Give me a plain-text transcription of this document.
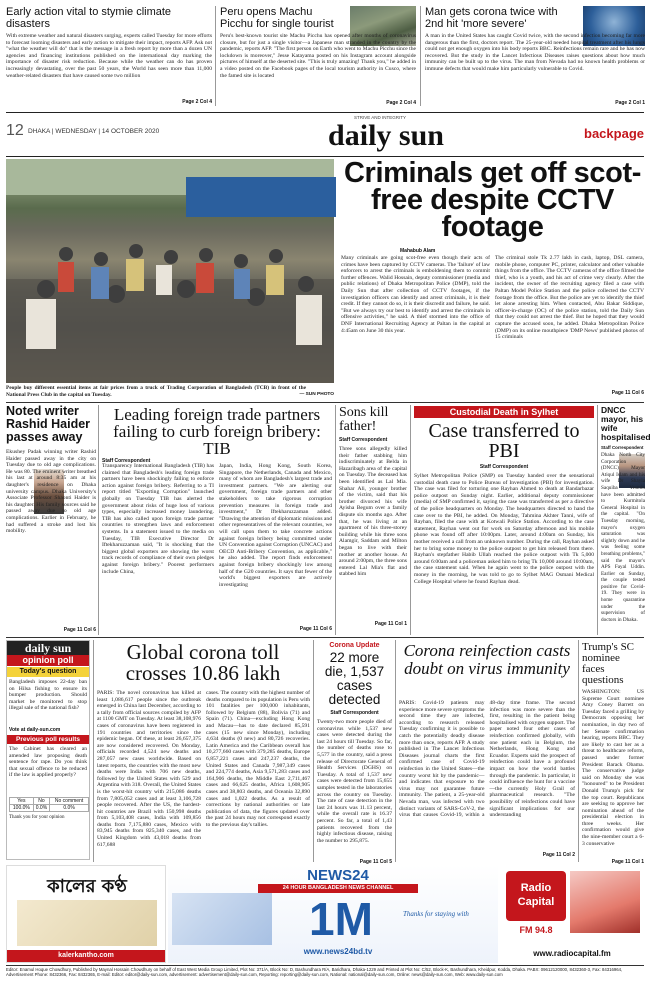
Early action vital to stymie climate disasters
With extreme weather and natural disasters surging, experts called Tuesday for more efforts to forecast looming disasters and early action to mitigate their impact, reports AFP. Ask not "what the weather will do" that is the message in a fresh report by more than a dozen UN agencies and financing institutions published on the international day marking the importance of disaster risk reduction. Because while the weather can do has proven increasingly devastating, over the past 50 years, the World has seen more than 11,000 weather-related disasters that have caused some two million
Page 2 Col 4
Peru opens Machu Picchu for single tourist
Peru's best-known tourist site Machu Picchu has opened after months of coronavirus closure, but for just a single visitor—a Japanese man stranded in the country by the pandemic, reports AFP. "The first person on Earth who went to Machu Picchu since the lockdown is moreover," Jesse Katayama posted on his Instagram account alongside pictures of himself at the deserted site. "This is truly amazing! Thank you," he added in a video posted on the Facebook pages of the local tourism authority in Cusco, where the famed site is located
Page 2 Col 4
Man gets corona twice with 2nd hit 'more severe'
A man in the United States has caught Covid twice, with the second infection becoming far more dangerous than the first, doctors report. The 25-year-old needed hospital treatment after his lungs could not get enough oxygen into his body reports BBC. Reinfections remain rare and he has now recovered. But the study in the Lancet Infectious Diseases raises questions about how much immunity can be built up to the virus. The man from Nevada had no known health problems or immune defects that would make him particularly vulnerable to Covid.
Page 2 Col 1
12 DHAKA | WEDNESDAY | 14 OCTOBER 2020
STRIVE AND INTEGRITY
daily sun	backpage
People buy different essential items at fair prices from a truck of Trading Corporation of Bangladesh (TCB) in front of the National Press Club in the capital on Tuesday.	— SUN PHOTO
Criminals get off scot-free despite CCTV footage
Mahabub Alam
Many criminals are going scot-free even though their acts of crimes have been captured by CCTV cameras. The 'failure' of law enforcers to arrest the criminals is emboldening them to commit further offences. Walid Hossain, deputy commissioner (media and public relations) of Dhaka Metropolitan Police (DMP), told the Daily Sun that after collection of CCTV footages, if the investigation officers can identify and arrest criminals, it is their credit. If they cannot do so, it is their discredit and failure, he said. "But we always try our best to identify and arrest the criminals in offensive activities," he said. A thief stormed into the office of DNF International Recruiting Agency at Paltan in the capital at 4:45am on June 30 this year.
The criminal stole Tk 2.77 lakh in cash, laptop, DSL camera, mobile phone, computer PC, printer, calculator and other valuable things from the office. The CCTV cameras of the office filmed the thief, who is a youth, and his act of crime very clearly. After the incident, the owner of the recruiting agency filed a case with Paltan Model Police Station and the police collected the CCTV footage from the office. But the police are yet to identify the thief let alone arresting him. When contacted, Abu Bakar Siddique, officer-in-charge (OC) of the police station, told the Daily Sun that they could not arrest the thief. But he hoped that they would capture the accused soon, he added. Dhaka Metropolitan Police (DMP) on its online mouthpiece 'DMP News' published photos of 15 criminals
Page 11 Col 6
Noted writer Rashid Haider passes away
Ekushey Padak winning writer Rashid Haider passed away in the city on Tuesday due to old age complications. He was 80. The eminent writer breathed his last at around 8:35 am at his daughter's residence on Dhaka university campus. Dhaka University's Associate Professor Shaonti Haider is his daughter. His family sources said he passed away due to old age complications. Earlier in February, he had suffered a stroke and lost his mobility.
Page 11 Col 6
Leading foreign trade partners failing to curb foreign bribery: TIB
Staff Correspondent
Transparency International Bangladesh (TIB) has claimed that Bangladesh's leading foreign trade partners have been shockingly failing to enforce action against foreign bribery. Referring to a TI report titled "Exporting Corruption" launched globally on Tuesday TIB has alerted the government about risks of huge loss of various types, especially increased money laundering. TIB has also called upon foreign trade partner countries to strengthen laws and enforcement systems. In a statement issued to the media on Tuesday, TIB Executive Director Dr Iftekharuzzaman said, "It is shocking that the biggest global exporters are showing the worst track records of compliance of their own pledges against foreign bribery." Poorest performers include China,
Japan, India, Hong Kong, South Korea, Singapore, the Netherlands, Canada and Mexico, many of whom are Bangladesh's largest trade and investment partners. "We are alerting our government, foreign trade partners and other stakeholders to take rigorous corruption prevention measures in foreign trade and investment," Dr Iftekharuzzaman added. "Drawing the attention of diplomatic missions and other representatives of the relevant countries, we will call upon them to take concrete actions against foreign bribery being committed under UN Convention against Corruption (UNCAC) and OECD Anti-Bribery Convention, as applicable," he also added. The report finds enforcement against foreign bribery shockingly low among half of the G20 countries. It says that fewer of the world's biggest exporters are actively investigating
Page 11 Col 6
Sons kill father!
Staff Correspondent
Three sons allegedly killed their father stabbing him indiscriminately at Belda in Hazaribagh area of the capital on Tuesday. The deceased has been identified as Lal Mia. Shahar Ali, younger brother of the victim, said that his brother divorced his wife Ayisha Begum over a family dispute six months ago. After that, he was living at an apartment of his three-storey building while his three sons Alamgir, Saddam and Milton began to live with their mother at another house. At around 2:00pm, the three sons entered Lal Mia's flat and stabbed him
Page 11 Col 1
Custodial Death in Sylhet
Case transferred to PBI
Staff Correspondent
Sylhet Metropolitan Police (SMP) on Tuesday handed over the sensational custodial death case to Police Bureau of Investigation (PBI) for investigation. The case was filed for torturing one Rayhan Ahmed to death at Bandarbazar police outpost on Sunday night. Earlier, additional deputy commissioner (media) of SMP confirmed it, saying the case was transferred as per a directive of the police headquarters on Monday. The headquarters directed to hand the case over to the PBI, he added. On Monday, Tahmina Akhter Tanni, wife of Rayhan, filed the case with at Kotwali Police Station. According to the case statement, Rayhan went out for work on Saturday afternoon and his mobile phone was found off after 10:00pm. Later, around 4:00am on Sunday, his mother received a call from an unknown number. During the call, Rayhan asked her to bring some money to the police outpost to get him released from there. Rayhan's stepfather Habib Ullah reached the police outpost with Tk 5,000 around 6:00am and a policeman asked him to bring Tk 10,000 around 10:00am, the case statement said. When he again went to the police outpost with the money in the morning, he was told to go to Sylhet MAG Osmani Medical College Hospital where he found Rayhan dead.
DNCC mayor, his wife hospitalised
Staff Correspondent
Dhaka North City Corporation (DNCC) Mayor Atiqul Islam and his wife Dr Shayla Saquiba Yesmin have been admitted to Kurmitola General Hospital in the capital. "On Tuesday morning, mayor's oxygen saturation was slightly down and he was feeling some breathing problems," said the mayor's APS Fayal Uddin. Earlier on Sunday, the couple tested positive for Covid-19. They were in home quarantine under the supervision of doctors in Dhaka.
daily sun
opinion poll
Today's question
Bangladesh imposes 22-day ban on Hilsa fishing to ensure its bumper production. Should market be monitored to stop illegal sale of the national fish?
Vote at daily-sun.com
Previous poll results
The Cabinet has cleared an amended law proposing death sentence for rape. Do you think that sexual offence to be reduced if the law is applied properly?
Yes	No	No comment
100.0%	0.0%	0.0%
Thank you for your opinion
Global corona toll crosses 10.86 lakh
PARIS: The novel coronavirus has killed at least 1,086,617 people since the outbreak emerged in China last December, according to a tally from official sources compiled by AFP at 1100 GMT on Tuesday. At least 38,108,976 cases of coronavirus have been registered in 191 countries and territories since the epidemic began. Of these, at least 26,657,375 are now considered recovered. On Monday, officials recorded 4,524 new deaths and 287,057 new cases worldwide. Based on latest reports, the countries with the most new deaths were India with 706 new deaths, followed by the United States with 529 and Argentina with 318. Overall, the United States is the worst-hit country with 215,086 deaths from 7,805,052 cases and at least 3,106,728 people recovered. After the US, the hardest-hit countries are Brazil with 150,998 deaths from 5,103,408 cases, India with 109,856 deaths from 7,175,880 cases, Mexico with 83,945 deaths from 825,340 cases, and the United Kingdom with 43,018 deaths from 617,688
cases. The country with the highest number of deaths compared to its population is Peru with 101 fatalities per 100,000 inhabitants, followed by Belgium (88), Bolivia (71) and Spain (71). China—excluding Hong Kong and Macau—has to date declared 85,591 cases (15 new since Monday), including 4,634 deaths (0 new) and 80,726 recoveries. Latin America and the Caribbean overall has 10,277,660 cases with 379,285 deaths, Europe 6,857,221 cases and 247,237 deaths, the United States and Canada 7,987,349 cases and 224,774 deaths, Asia 9,571,283 cases and 164,906 deaths, the Middle East 2,711,467 cases and 66,625 deaths, Africa 1,608,905 cases and 38,803 deaths, and Oceania 32,890 cases and 1,022 deaths. As a result of corrections by national authorities or late publication of data, the figures updated over the past 24 hours may not correspond exactly to the previous day's tallies.
Corona Update
22 more die, 1,537 cases detected
Staff Correspondent
Twenty-two more people died of coronavirus while 1,537 new cases were detected during the last 24 hours till Tuesday. So far, the number of deaths rose to 5,577 in the country, said a press release of Directorate General of Health Services (DGHS) on Tuesday. A total of 1,537 new cases were detected from 15,655 samples tested in the laboratories across the country on Tuesday. The rate of case detection in the last 24 hours was 11.13 percent, while the overall rate is 16.37 percent. So far, a total of 1,43 patients recovered from the highly infectious disease, raising the number to 295,875.
Page 11 Col 5
Corona reinfection casts doubt on virus immunity
PARIS: Covid-19 patients may experience more severe symptoms the second time they are infected, according to research released Tuesday confirming it is possible to catch the potentially deadly disease more than once, reports AFP. A study published in The Lancet Infectious Diseases journal charts the first confirmed case of Covid-19 reinfection in the United States—the country worst hit by the pandemic—and indicates that exposure to the virus may not guarantee future immunity. The patient, a 25-year-old Nevada man, was infected with two distinct variants of SARS-CoV-2, the virus that causes Covid-19, within a 48-day time frame. The second infection was more severe than the first, resulting in the patient being hospitalised with oxygen support. The paper noted four other cases of reinfection confirmed globally, with one patient each in Belgium, the Netherlands, Hong Kong and Ecuador. Experts said the prospect of reinfection could have a profound impact on how the world battles through the pandemic. In particular, it could influence the hunt for a vaccine—the currently Holy Grail of pharmaceutical research. "The possibility of reinfections could have significant implications for our understanding
Page 11 Col 2
Trump's SC nominee faces questions
WASHINGTON: US Supreme Court nominee Amy Coney Barrett on Tuesday faced a grilling by Democrats opposing her nomination, in day two of her Senate confirmation hearing, reports BBC. They are likely to cast her as a threat to healthcare reform, passed under former President Barack Obama. The conservative judge said on Monday she was "honoured" to be President Donald Trump's pick for the top court. Republicans are seeking to approve her nomination ahead of the presidential election in three weeks. Her confirmation would give the nine-member court a 6-3 conservative
Page 11 Col 1
কালের কণ্ঠ
kalerkantho.com
NEWS24
24 HOUR BANGLADESH NEWS CHANNEL
1M	Thanks for staying with
www.news24bd.tv
Radio Capital
FM 94.8
www.radiocapital.fm
Editor: Enamul Hoque Chowdhury, Published by Maynal Hossain Chowdhury on behalf of East West Media Group Limited, Plot No: 371/A, Block No: D, Bashundhara R/A, Baridhara, Dhaka-1229 and Printed at Plot No: C/52, Block-K, Bashundhara, Kheidpur, Kodda, Dhaka. PABX: 09612120000, 8432360-3, Fax: 84316964, Advertisement Phone: 8432366, Fax: 8432365, E-mail: Editor: editor@daily-sun.com, advertisement: advertisement@daily-sun.com, Reporting: reporting@daily-sun.com, National: national@daily-sun.com, Online: news@daily-sun.com, Web: www.daily-sun.com
